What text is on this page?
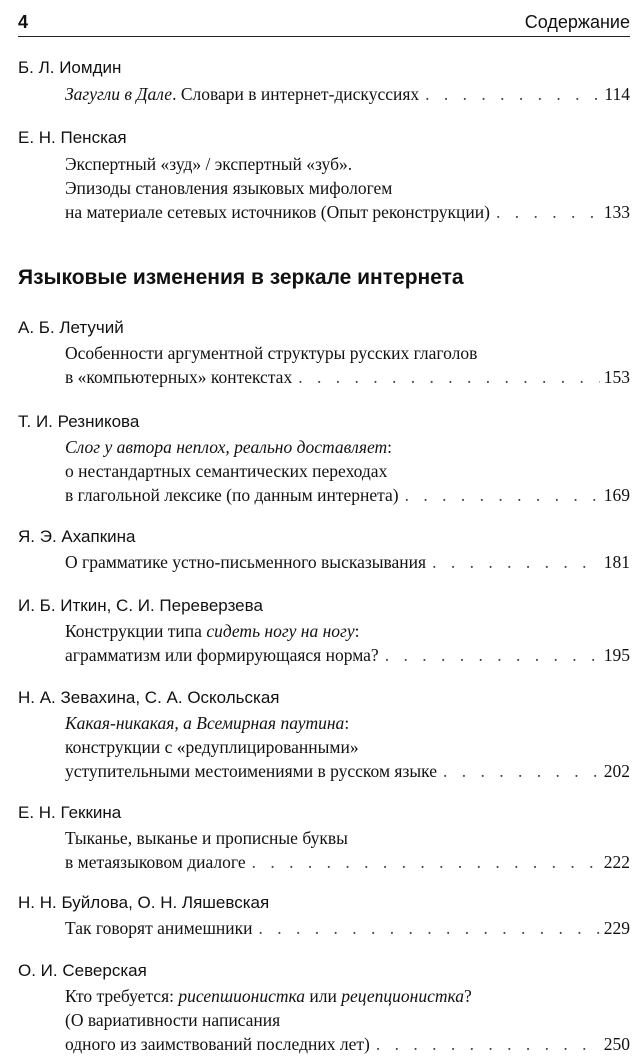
4	Содержание
Б. Л. Иомдин
Загугли в Дале. Словари в интернет-дискуссиях . . .	114
Е. Н. Пенская
Экспертный «зуд» / экспертный «зуб».
Эпизоды становления языковых мифологем
на материале сетевых источников (Опыт реконструкции) . . .	133
Языковые изменения в зеркале интернета
А. Б. Летучий
Особенности аргументной структуры русских глаголов
в «компьютерных» контекстах . . .	153
Т. И. Резникова
Слог у автора неплох, реально доставляет:
о нестандартных семантических переходах
в глагольной лексике (по данным интернета) . . .	169
Я. Э. Ахапкина
О грамматике устно-письменного высказывания . . .	181
И. Б. Иткин, С. И. Переверзева
Конструкции типа сидеть ногу на ногу:
аграмматизм или формирующаяся норма? . . .	195
Н. А. Зевахина, С. А. Оскольская
Какая-никакая, а Всемирная паутина:
конструкции с «редуплицированными»
уступительными местоимениями в русском языке . . .	202
Е. Н. Геккина
Тыканье, выканье и прописные буквы
в метаязыковом диалоге . . .	222
Н. Н. Буйлова, О. Н. Ляшевская
Так говорят анимешники . . .	229
О. И. Северская
Кто требуется: рисепшионистка или рецепционистка?
(О вариативности написания
одного из заимствований последних лет) . . .	250
